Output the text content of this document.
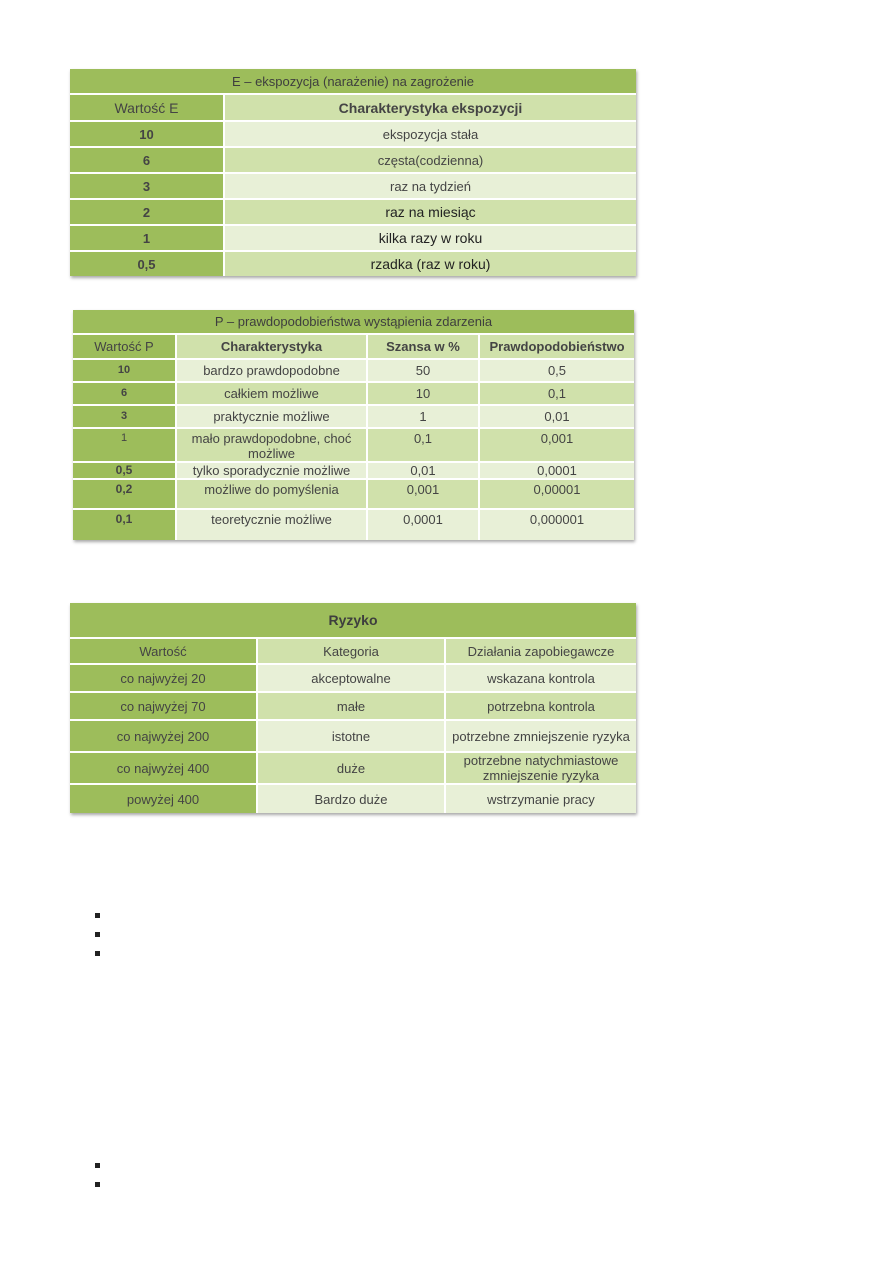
E – ekspozycja (narażenie) na zagrożenie	
Wartość E	Charakterystyka ekspozycji
10	ekspozycja stała
6	częsta(codzienna)
3	raz na tydzień
2	raz na miesiąc
1	kilka razy w roku
0,5	rzadka (raz w roku)
P – prawdopodobieństwa wystąpienia zdarzenia			
Wartość P	Charakterystyka	Szansa w %	Prawdopodobieństwo
10	bardzo prawdopodobne	50	0,5
6	całkiem możliwe	10	0,1
3	praktycznie możliwe	1	0,01
1	mało prawdopodobne, choć możliwe	0,1	0,001
0,5	tylko sporadycznie możliwe	0,01	0,0001
0,2	możliwe do pomyślenia	0,001	0,00001
0,1	teoretycznie możliwe	0,0001	0,000001
Ryzyko		
Wartość	Kategoria	Działania zapobiegawcze
co najwyżej 20	akceptowalne	wskazana kontrola
co najwyżej 70	małe	potrzebna kontrola
co najwyżej 200	istotne	potrzebne zmniejszenie ryzyka
co najwyżej 400	duże	potrzebne natychmiastowe zmniejszenie ryzyka
powyżej 400	Bardzo duże	wstrzymanie pracy
